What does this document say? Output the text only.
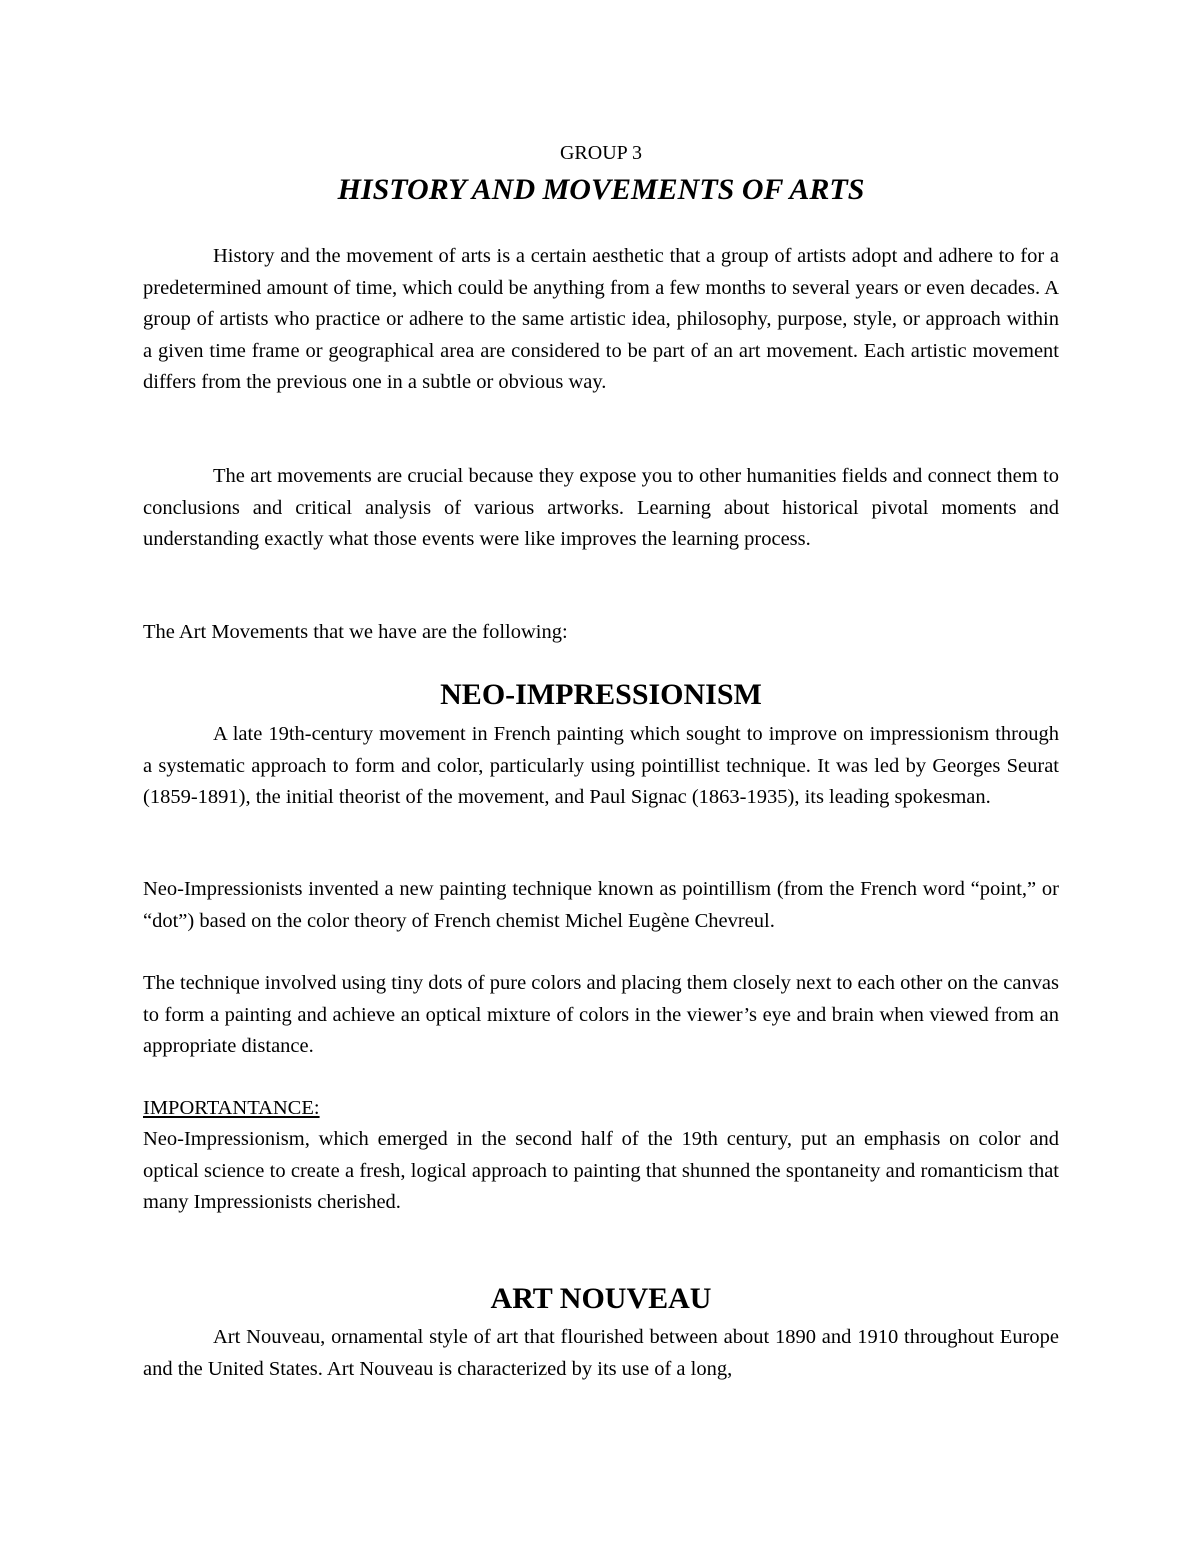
GROUP 3
HISTORY AND MOVEMENTS OF ARTS

History and the movement of arts is a certain aesthetic that a group of artists adopt and adhere to for a predetermined amount of time, which could be anything from a few months to several years or even decades. A group of artists who practice or adhere to the same artistic idea, philosophy, purpose, style, or approach within a given time frame or geographical area are considered to be part of an art movement. Each artistic movement differs from the previous one in a subtle or obvious way.

The art movements are crucial because they expose you to other humanities fields and connect them to conclusions and critical analysis of various artworks. Learning about historical pivotal moments and understanding exactly what those events were like improves the learning process.

The Art Movements that we have are the following:

NEO-IMPRESSIONISM

A late 19th-century movement in French painting which sought to improve on impressionism through a systematic approach to form and color, particularly using pointillist technique. It was led by Georges Seurat (1859-1891), the initial theorist of the movement, and Paul Signac (1863-1935), its leading spokesman.

Neo-Impressionists invented a new painting technique known as pointillism (from the French word “point,” or “dot”) based on the color theory of French chemist Michel Eugène Chevreul.

The technique involved using tiny dots of pure colors and placing them closely next to each other on the canvas to form a painting and achieve an optical mixture of colors in the viewer’s eye and brain when viewed from an appropriate distance.

IMPORTANTANCE:

Neo-Impressionism, which emerged in the second half of the 19th century, put an emphasis on color and optical science to create a fresh, logical approach to painting that shunned the spontaneity and romanticism that many Impressionists cherished.

ART NOUVEAU

Art Nouveau, ornamental style of art that flourished between about 1890 and 1910 throughout Europe and the United States. Art Nouveau is characterized by its use of a long,
